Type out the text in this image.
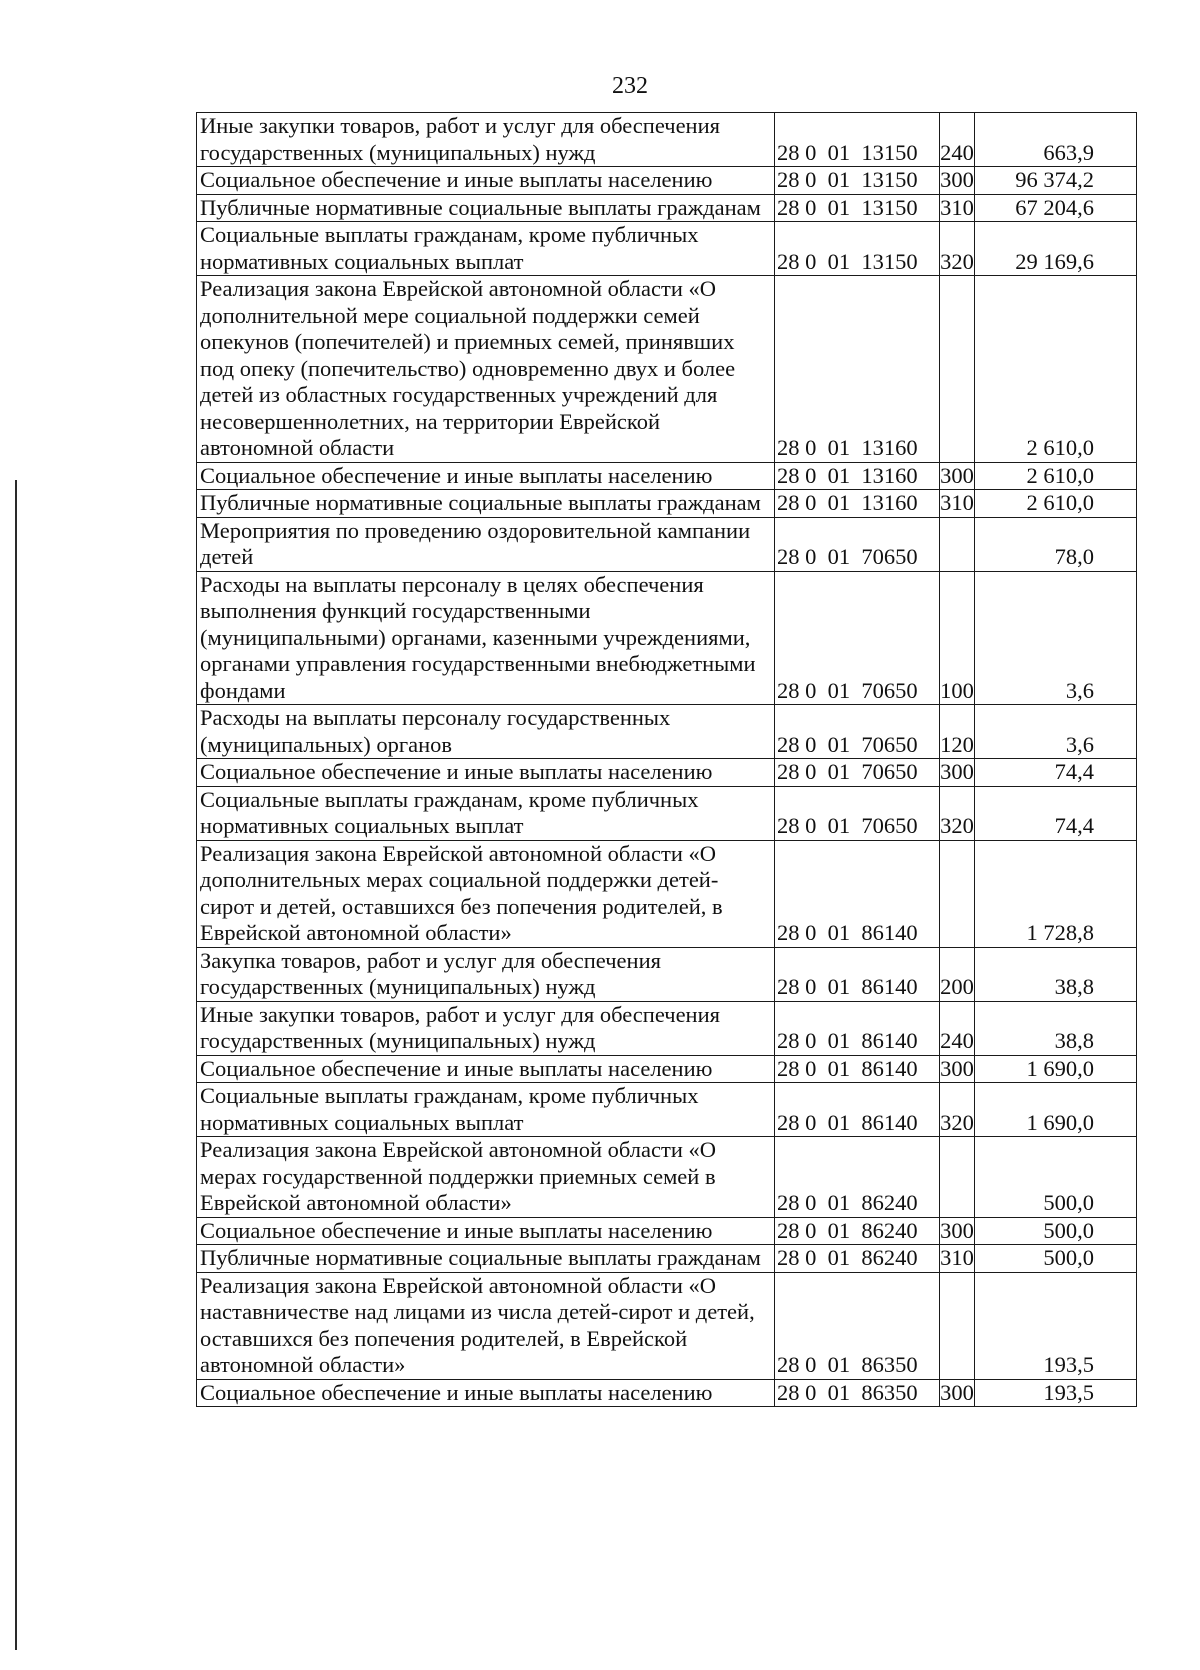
232
Иные закупки товаров, работ и услуг для обеспечения государственных (муниципальных) нужд	28 0  01  13150	240	663,9
Социальное обеспечение и иные выплаты населению	28 0  01  13150	300	96 374,2
Публичные нормативные социальные выплаты гражданам	28 0  01  13150	310	67 204,6
Социальные выплаты гражданам, кроме публичных нормативных социальных выплат	28 0  01  13150	320	29 169,6
Реализация закона Еврейской автономной области «О дополнительной мере социальной поддержки семей опекунов (попечителей) и приемных семей, принявших под опеку (попечительство) одновременно двух и более детей из областных государственных учреждений для несовершеннолетних, на территории Еврейской автономной области	28 0  01  13160		2 610,0
Социальное обеспечение и иные выплаты населению	28 0  01  13160	300	2 610,0
Публичные нормативные социальные выплаты гражданам	28 0  01  13160	310	2 610,0
Мероприятия по проведению оздоровительной кампании детей	28 0  01  70650		78,0
Расходы на выплаты персоналу в целях обеспечения выполнения функций государственными (муниципальными) органами, казенными учреждениями, органами управления государственными внебюджетными фондами	28 0  01  70650	100	3,6
Расходы на выплаты персоналу государственных (муниципальных) органов	28 0  01  70650	120	3,6
Социальное обеспечение и иные выплаты населению	28 0  01  70650	300	74,4
Социальные выплаты гражданам, кроме публичных нормативных социальных выплат	28 0  01  70650	320	74,4
Реализация закона Еврейской автономной области «О дополнительных мерах социальной поддержки детей-сирот и детей, оставшихся без попечения родителей, в Еврейской автономной области»	28 0  01  86140		1 728,8
Закупка товаров, работ и услуг для обеспечения государственных (муниципальных) нужд	28 0  01  86140	200	38,8
Иные закупки товаров, работ и услуг для обеспечения государственных (муниципальных) нужд	28 0  01  86140	240	38,8
Социальное обеспечение и иные выплаты населению	28 0  01  86140	300	1 690,0
Социальные выплаты гражданам, кроме публичных нормативных социальных выплат	28 0  01  86140	320	1 690,0
Реализация закона Еврейской автономной области «О мерах государственной поддержки приемных семей в Еврейской автономной области»	28 0  01  86240		500,0
Социальное обеспечение и иные выплаты населению	28 0  01  86240	300	500,0
Публичные нормативные социальные выплаты гражданам	28 0  01  86240	310	500,0
Реализация закона Еврейской автономной области «О наставничестве над лицами из числа детей-сирот и детей, оставшихся без попечения родителей, в Еврейской автономной области»	28 0  01  86350		193,5
Социальное обеспечение и иные выплаты населению	28 0  01  86350	300	193,5
